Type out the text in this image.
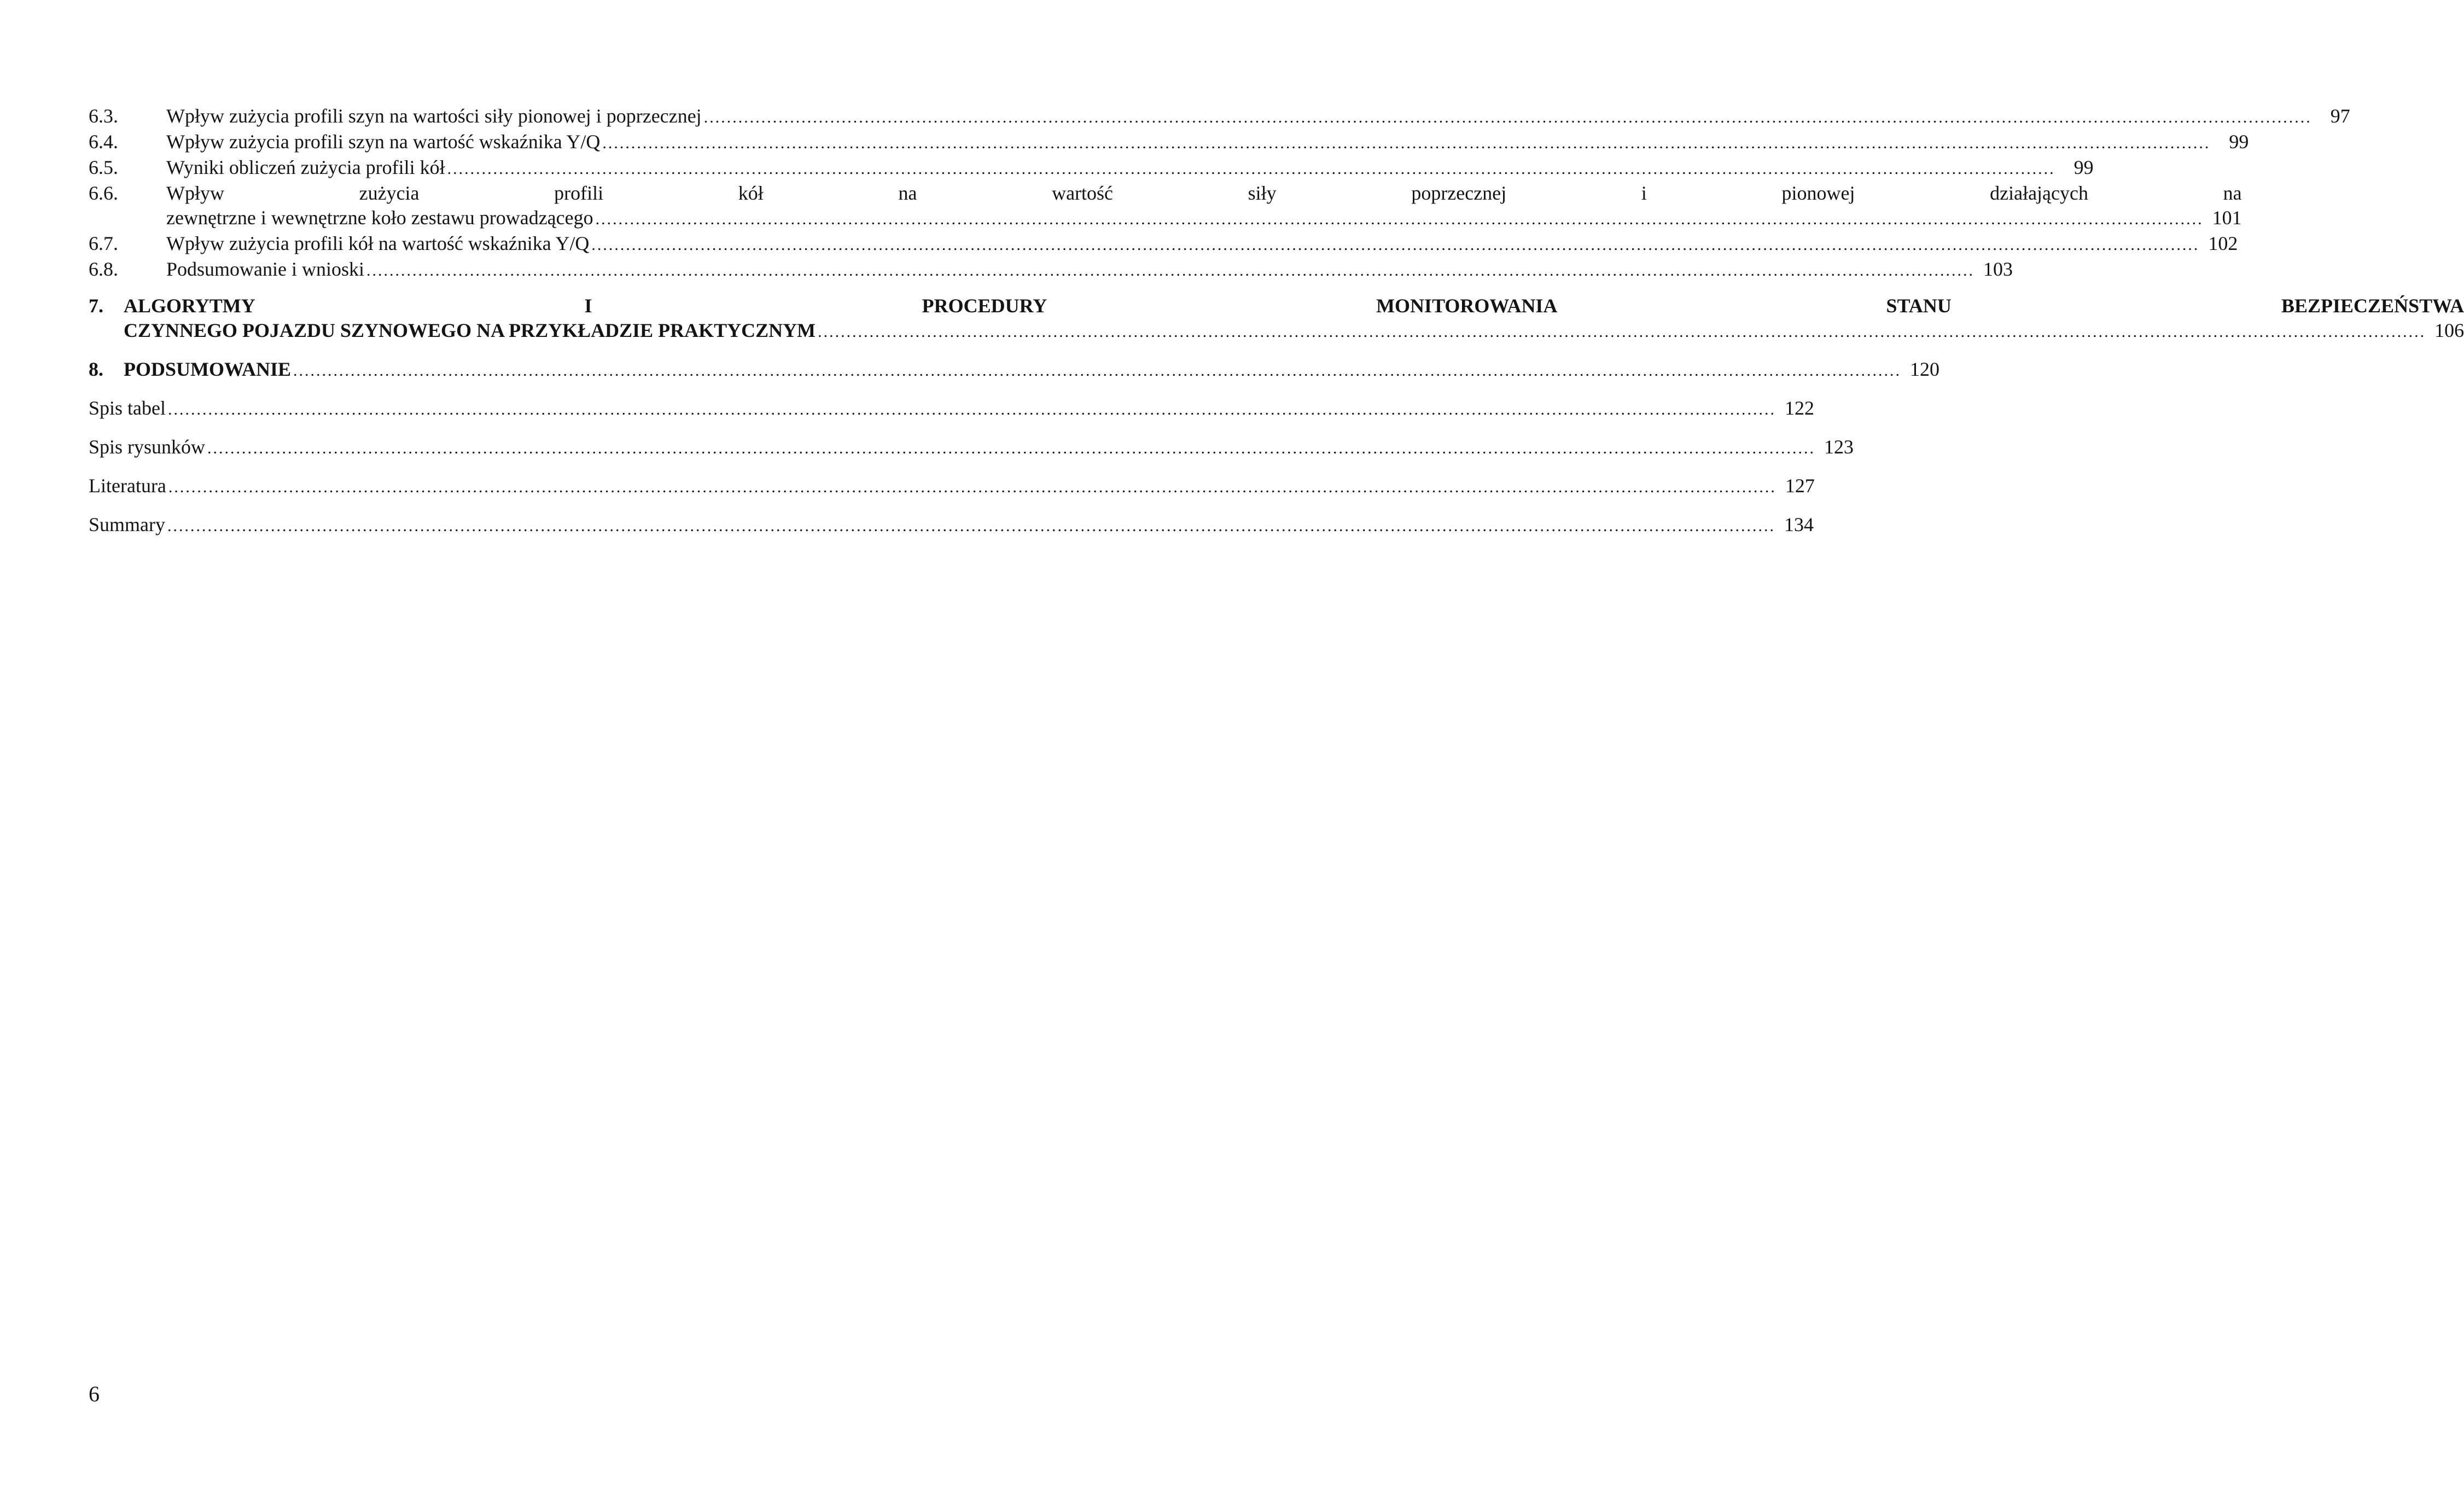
6.3.	Wpływ zużycia profili szyn na wartości siły pionowej i poprzecznej .....	97
6.4.	Wpływ zużycia profili szyn na wartość wskaźnika Y/Q .....	99
6.5.	Wyniki obliczeń zużycia profili kół .....	99
6.6.	Wpływ zużycia profili kół na wartość siły poprzecznej i pionowej działających na
zewnętrzne i wewnętrzne koło zestawu prowadzącego .....	101
6.7.	Wpływ zużycia profili kół na wartość wskaźnika Y/Q .....	102
6.8.	Podsumowanie i wnioski .....	103
7.	ALGORYTMY I PROCEDURY MONITOROWANIA STANU BEZPIECZEŃSTWA
CZYNNEGO POJAZDU SZYNOWEGO NA PRZYKŁADZIE PRAKTYCZNYM .....	106
8.	PODSUMOWANIE .....	120
Spis tabel .....	122
Spis rysunków .....	123
Literatura .....	127
Summary .....	134
6
